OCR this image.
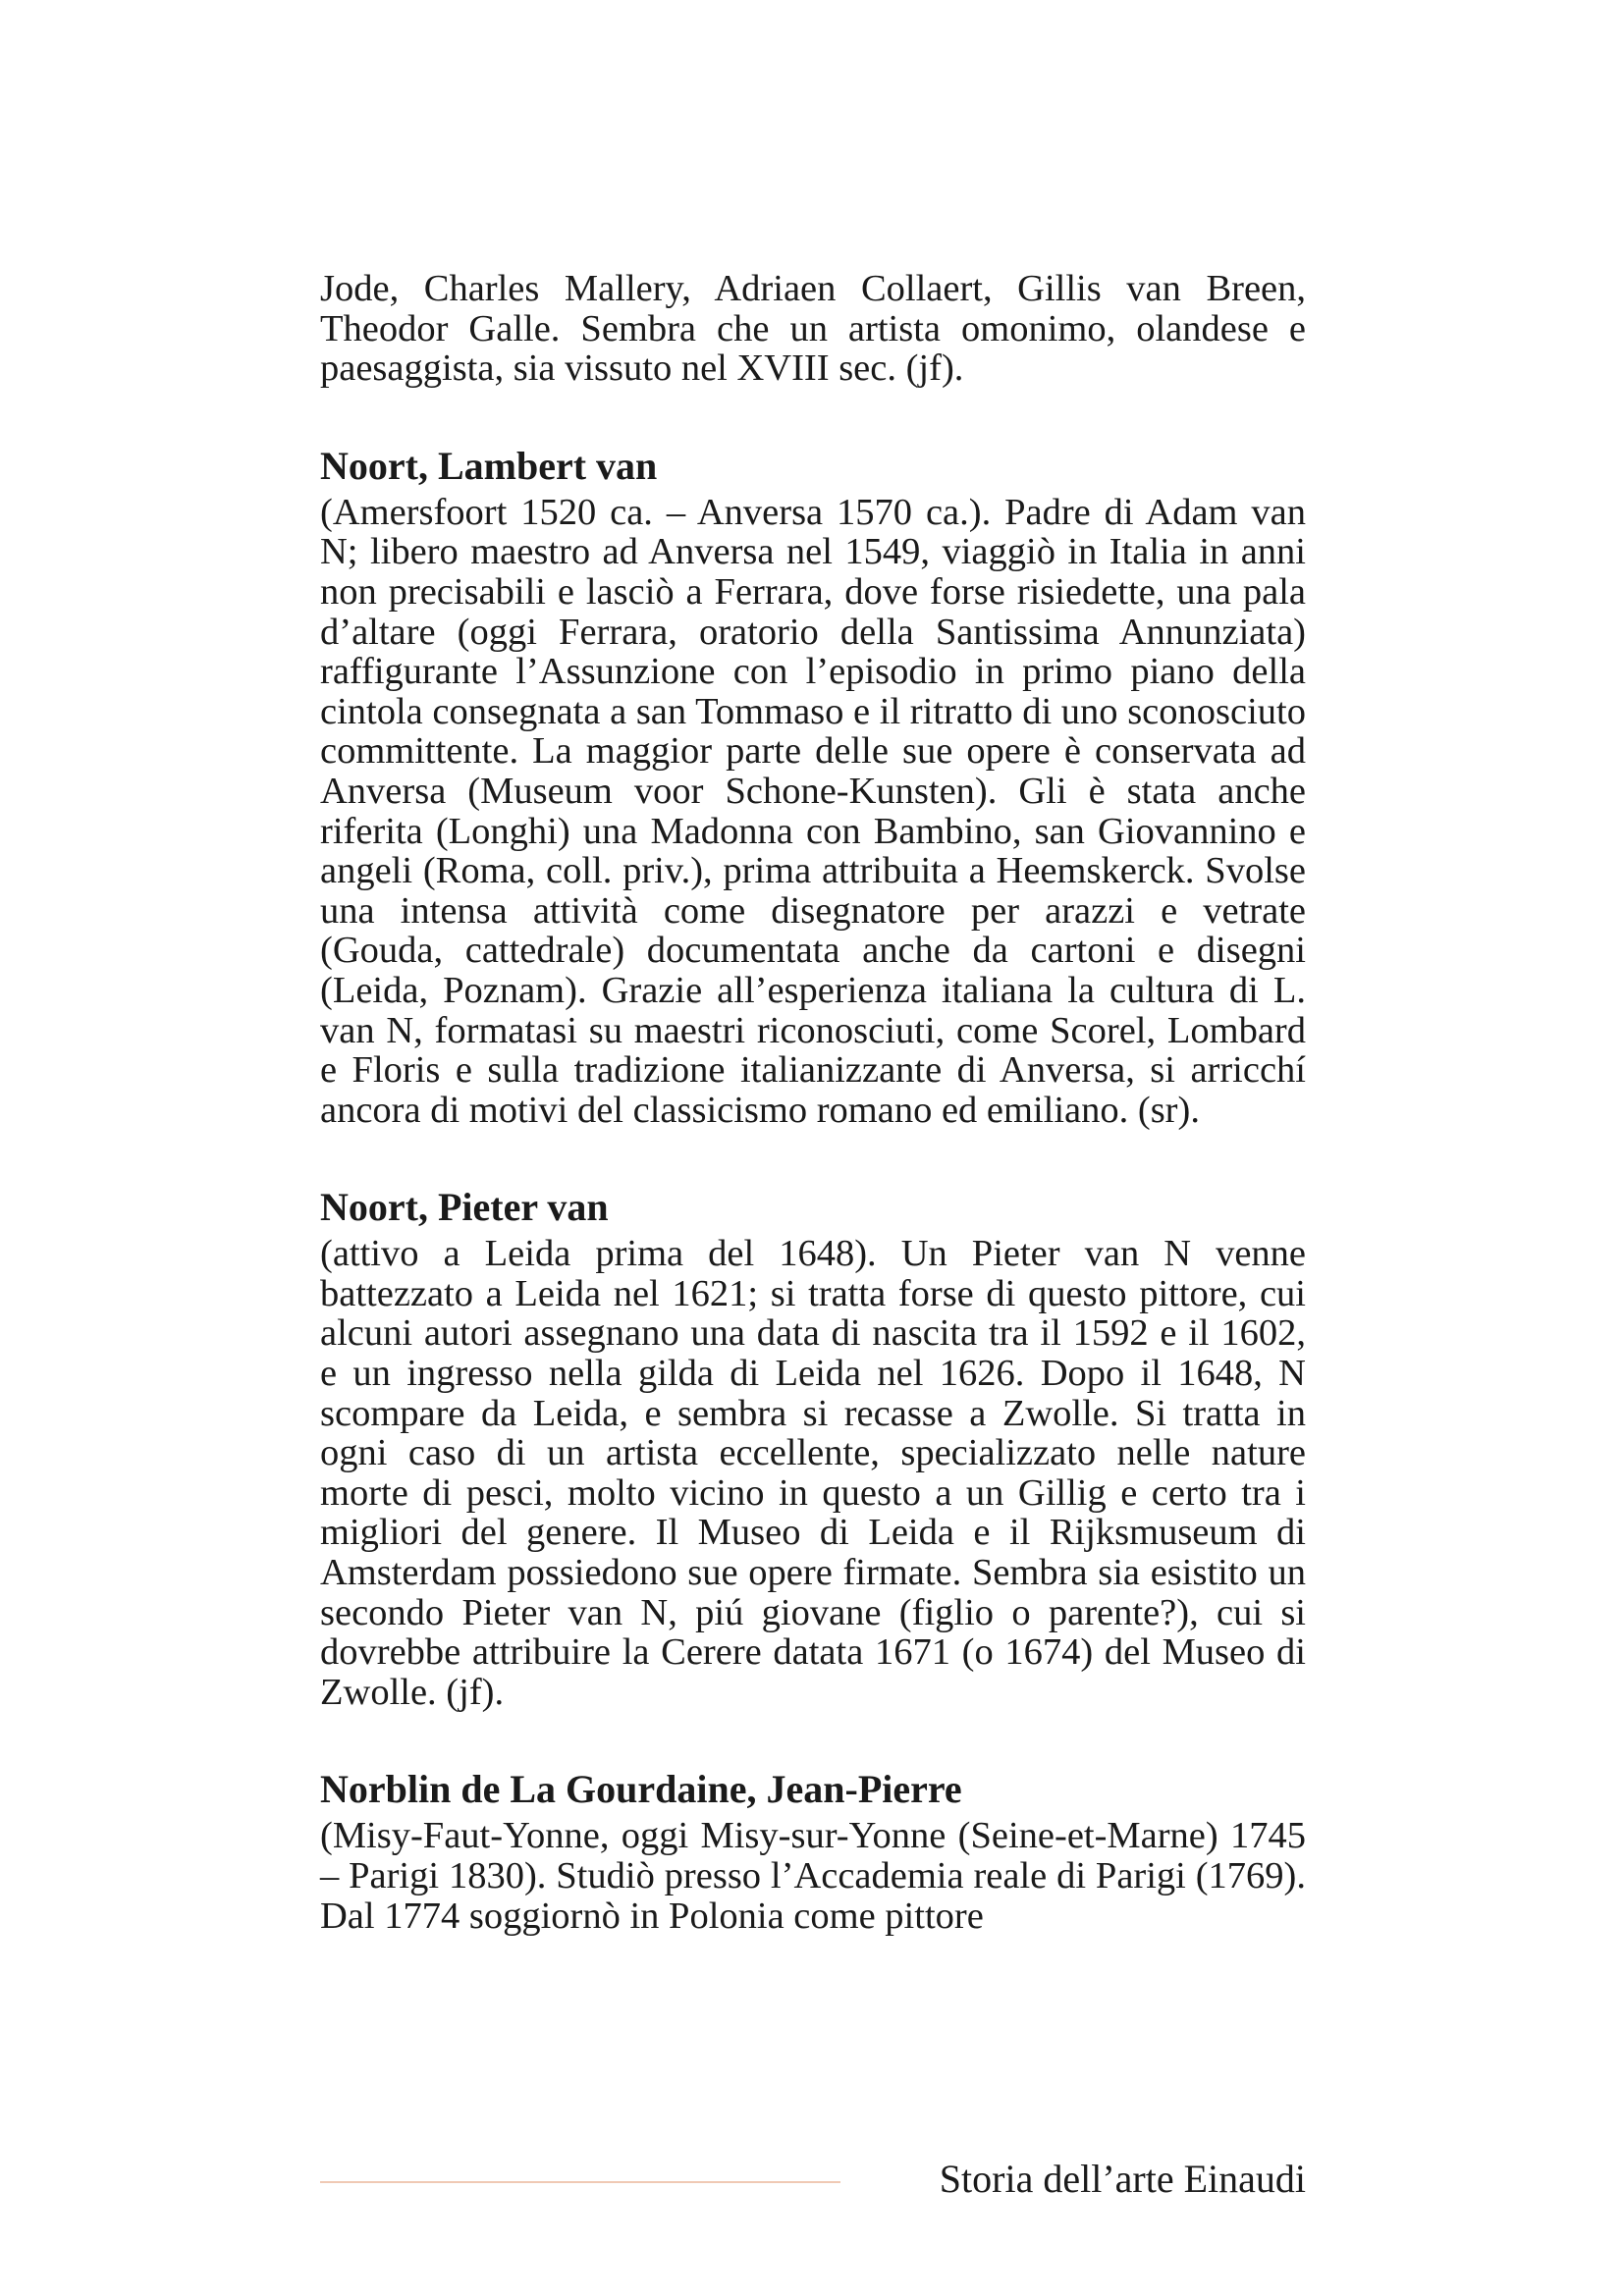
Jode, Charles Mallery, Adriaen Collaert, Gillis van Breen, Theodor Galle. Sembra che un artista omonimo, olandese e paesaggista, sia vissuto nel XVIII sec. (jf).

Noort, Lambert van

(Amersfoort 1520 ca. – Anversa 1570 ca.). Padre di Adam van N; libero maestro ad Anversa nel 1549, viaggiò in Italia in anni non precisabili e lasciò a Ferrara, dove forse risiedette, una pala d’altare (oggi Ferrara, oratorio della Santissima Annunziata) raffigurante l’Assunzione con l’episodio in primo piano della cintola consegnata a san Tommaso e il ritratto di uno sconosciuto committente. La maggior parte delle sue opere è conservata ad Anversa (Museum voor Schone-Kunsten). Gli è stata anche riferita (Longhi) una Madonna con Bambino, san Giovannino e angeli (Roma, coll. priv.), prima attribuita a Heemskerck. Svolse una intensa attività come disegnatore per arazzi e vetrate (Gouda, cattedrale) documentata anche da cartoni e disegni (Leida, Poznam). Grazie all’esperienza italiana la cultura di L. van N, formatasi su maestri riconosciuti, come Scorel, Lombard e Floris e sulla tradizione italianizzante di Anversa, si arricchí ancora di motivi del classicismo romano ed emiliano. (sr).

Noort, Pieter van

(attivo a Leida prima del 1648). Un Pieter van N venne battezzato a Leida nel 1621; si tratta forse di questo pittore, cui alcuni autori assegnano una data di nascita tra il 1592 e il 1602, e un ingresso nella gilda di Leida nel 1626. Dopo il 1648, N scompare da Leida, e sembra si recasse a Zwolle. Si tratta in ogni caso di un artista eccellente, specializzato nelle nature morte di pesci, molto vicino in questo a un Gillig e certo tra i migliori del genere. Il Museo di Leida e il Rijksmuseum di Amsterdam possiedono sue opere firmate. Sembra sia esistito un secondo Pieter van N, piú giovane (figlio o parente?), cui si dovrebbe attribuire la Cerere datata 1671 (o 1674) del Museo di Zwolle. (jf).

Norblin de La Gourdaine, Jean-Pierre

(Misy-Faut-Yonne, oggi Misy-sur-Yonne (Seine-et-Marne) 1745 – Parigi 1830). Studiò presso l’Accademia reale di Parigi (1769). Dal 1774 soggiornò in Polonia come pittore

Storia dell’arte Einaudi
